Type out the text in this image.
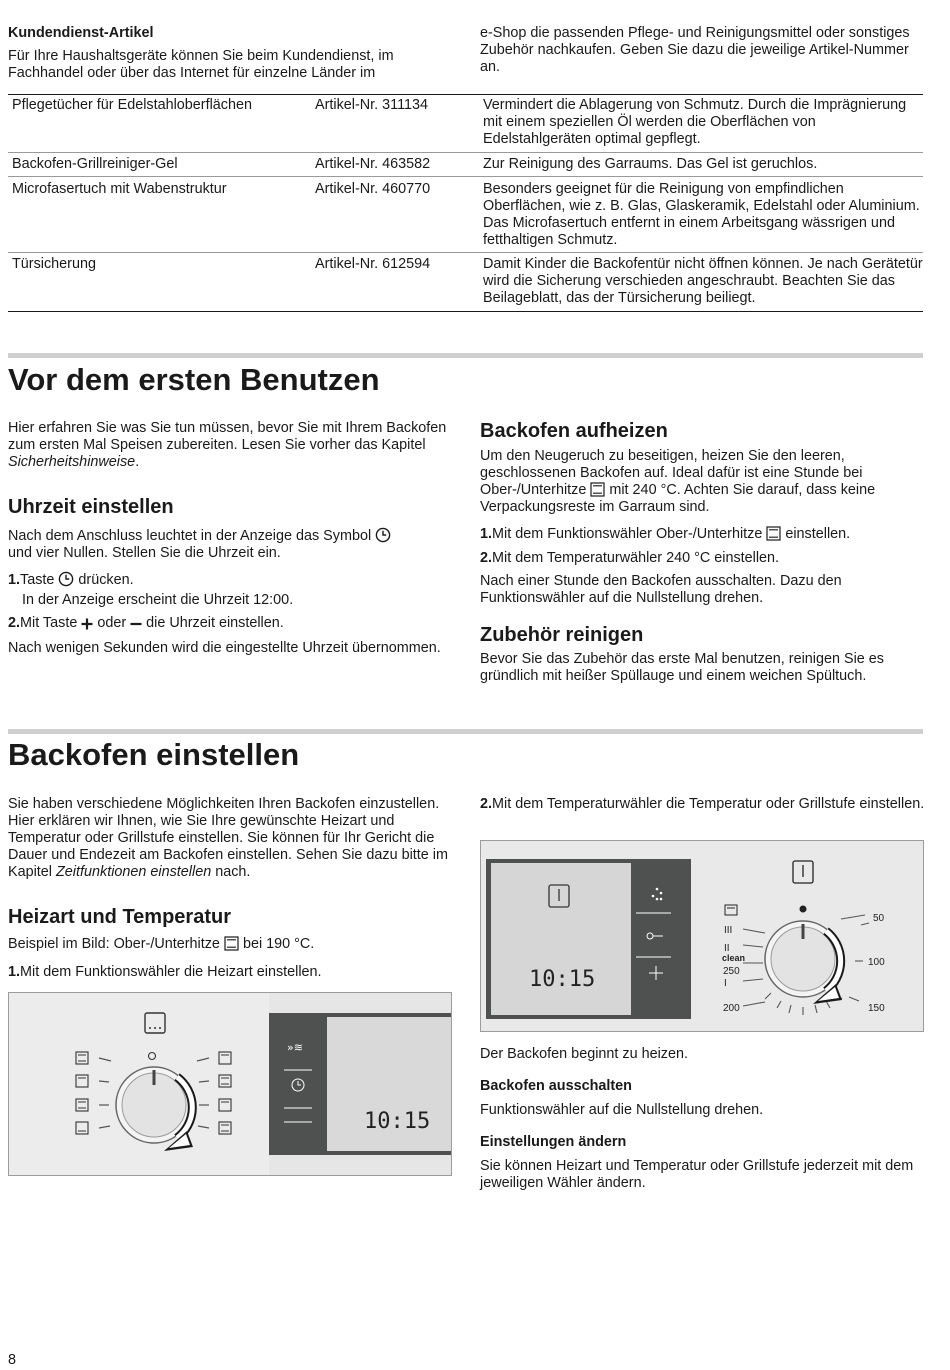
Kundendienst-Artikel

Für Ihre Haushaltsgeräte können Sie beim Kundendienst, im Fachhandel oder über das Internet für einzelne Länder im

e-Shop die passenden Pflege- und Reinigungsmittel oder sonstiges Zubehör nachkaufen. Geben Sie dazu die jeweilige Artikel-Nummer an.

Pflegetücher für Edelstahloberflächen	Artikel-Nr. 311134	Vermindert die Ablagerung von Schmutz. Durch die Imprägnierung mit einem speziellen Öl werden die Oberflächen von Edelstahlgeräten optimal gepflegt.
Backofen-Grillreiniger-Gel	Artikel-Nr. 463582	Zur Reinigung des Garraums. Das Gel ist geruchlos.
Microfasertuch mit Wabenstruktur	Artikel-Nr. 460770	Besonders geeignet für die Reinigung von empfindlichen Oberflächen, wie z. B. Glas, Glaskeramik, Edelstahl oder Aluminium. Das Microfasertuch entfernt in einem Arbeitsgang wässrigen und fetthaltigen Schmutz.
Türsicherung	Artikel-Nr. 612594	Damit Kinder die Backofentür nicht öffnen können. Je nach Gerätetür wird die Sicherung verschieden angeschraubt. Beachten Sie das Beilageblatt, das der Türsicherung beiliegt.
Vor dem ersten Benutzen

Hier erfahren Sie was Sie tun müssen, bevor Sie mit Ihrem Backofen zum ersten Mal Speisen zubereiten. Lesen Sie vorher das Kapitel Sicherheitshinweise.

Uhrzeit einstellen

Nach dem Anschluss leuchtet in der Anzeige das Symbol
und vier Nullen. Stellen Sie die Uhrzeit ein.

1.Taste drücken.

In der Anzeige erscheint die Uhrzeit 12:00.

2.Mit Taste oder die Uhrzeit einstellen.

Nach wenigen Sekunden wird die eingestellte Uhrzeit übernommen.

Backofen aufheizen

Um den Neugeruch zu beseitigen, heizen Sie den leeren, geschlossenen Backofen auf. Ideal dafür ist eine Stunde bei Ober-/Unterhitze mit 240 °C. Achten Sie darauf, dass keine Verpackungsreste im Garraum sind.

1.Mit dem Funktionswähler Ober-/Unterhitze einstellen.

2.Mit dem Temperaturwähler 240 °C einstellen.

Nach einer Stunde den Backofen ausschalten. Dazu den Funktionswähler auf die Nullstellung drehen.

Zubehör reinigen

Bevor Sie das Zubehör das erste Mal benutzen, reinigen Sie es gründlich mit heißer Spüllauge und einem weichen Spültuch.

Backofen einstellen

Sie haben verschiedene Möglichkeiten Ihren Backofen einzustellen. Hier erklären wir Ihnen, wie Sie Ihre gewünschte Heizart und Temperatur oder Grillstufe einstellen. Sie können für Ihr Gericht die Dauer und Endezeit am Backofen einstellen. Sehen Sie dazu bitte im Kapitel Zeitfunktionen einstellen nach.

Heizart und Temperatur

Beispiel im Bild: Ober-/Unterhitze bei 190 °C.

1.Mit dem Funktionswähler die Heizart einstellen.

»≋
10:15

2.Mit dem Temperaturwähler die Temperatur oder Grillstufe einstellen.

10:15
50
100
150
200
250
I
II
III
clean

Der Backofen beginnt zu heizen.

Backofen ausschalten

Funktionswähler auf die Nullstellung drehen.

Einstellungen ändern

Sie können Heizart und Temperatur oder Grillstufe jederzeit mit dem jeweiligen Wähler ändern.

8
